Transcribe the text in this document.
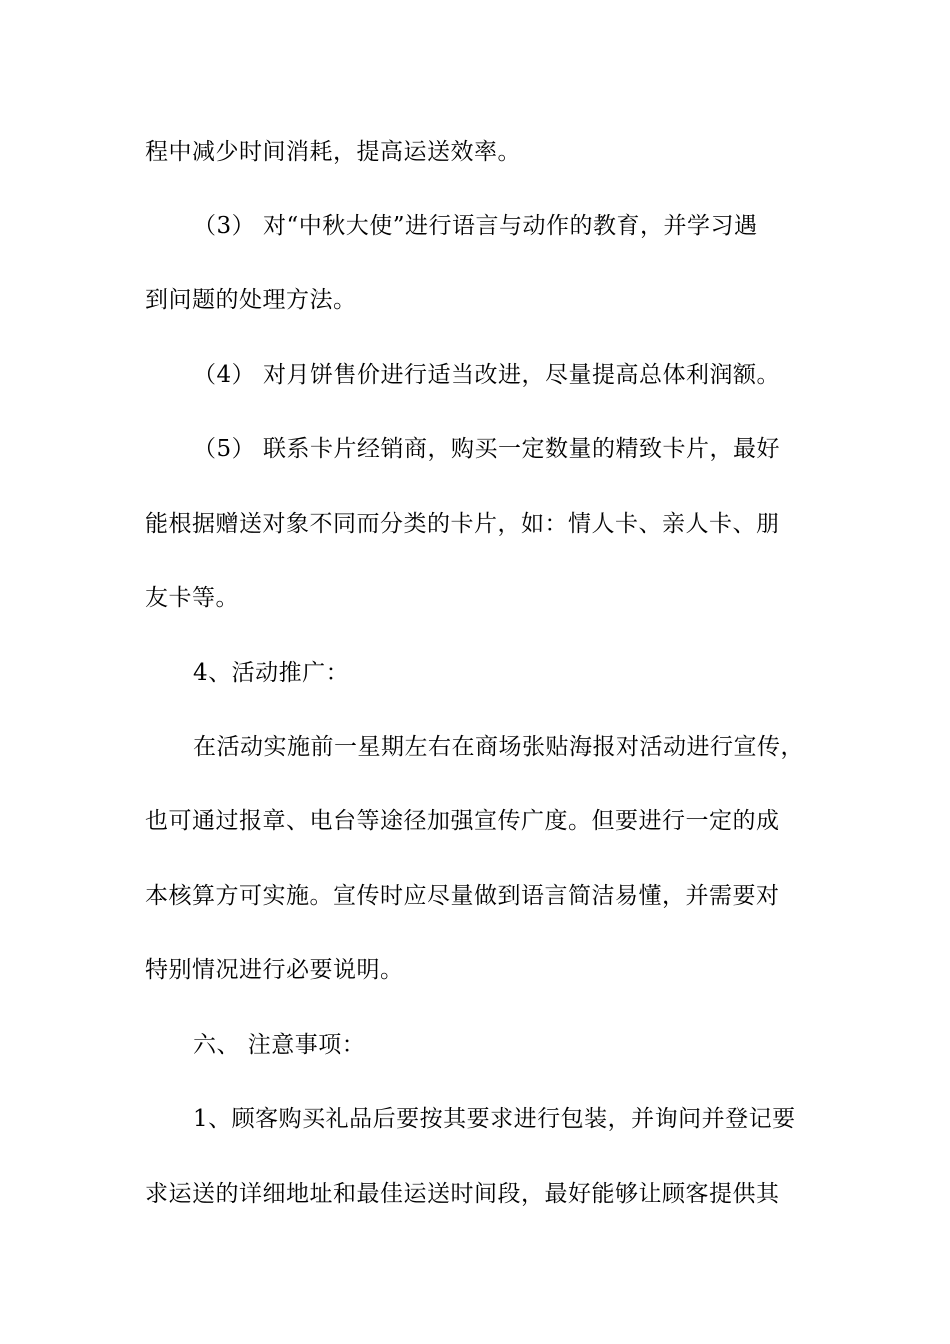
程中减少时间消耗，提高运送效率。
（3） 对“中秋大使”进行语言与动作的教育，并学习遇
到问题的处理方法。
（4） 对月饼售价进行适当改进，尽量提高总体利润额。
（5） 联系卡片经销商，购买一定数量的精致卡片，最好
能根据赠送对象不同而分类的卡片，如：情人卡、亲人卡、朋
友卡等。
4、活动推广：
在活动实施前一星期左右在商场张贴海报对活动进行宣传，
也可通过报章、电台等途径加强宣传广度。但要进行一定的成
本核算方可实施。宣传时应尽量做到语言简洁易懂，并需要对
特别情况进行必要说明。
六、 注意事项：
1、顾客购买礼品后要按其要求进行包装，并询问并登记要
求运送的详细地址和最佳运送时间段，最好能够让顾客提供其
